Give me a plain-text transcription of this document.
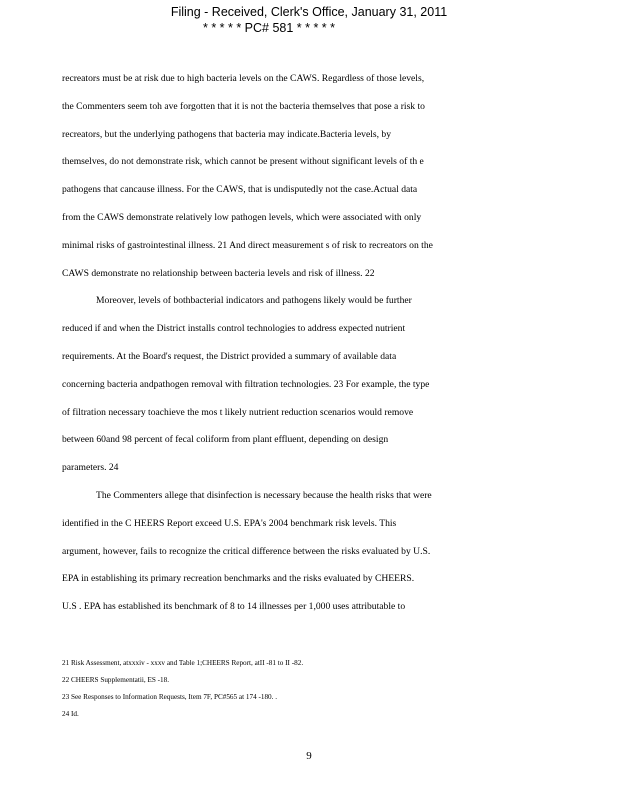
Filing - Received, Clerk's Office, January 31, 2011
* * * * * PC# 581 * * * * *
recreators must be at risk due to high bacteria levels on the CAWS. Regardless of those levels,
the Commenters seem toh ave forgotten that it is not the bacteria themselves that pose a risk to
recreators, but the underlying pathogens that bacteria may indicate.Bacteria levels, by
themselves, do not demonstrate risk, which cannot be present without significant levels of th e
pathogens that cancause illness. For the CAWS, that is undisputedly not the case.Actual data
from the CAWS demonstrate relatively low pathogen levels, which were associated with only
minimal risks of gastrointestinal illness. 21 And direct measurement s of risk to recreators on the
CAWS demonstrate no relationship between bacteria levels and risk of illness. 22
Moreover, levels of bothbacterial indicators and pathogens likely would be further
reduced if and when the District installs control technologies to address expected nutrient
requirements. At the Board's request, the District provided a summary of available data
concerning bacteria andpathogen removal with filtration technologies. 23 For example, the type
of filtration necessary toachieve the mos t likely nutrient reduction scenarios would remove
between 60and 98 percent of fecal coliform from plant effluent, depending on design
parameters. 24
The Commenters allege that disinfection is necessary because the health risks that were
identified in the C HEERS Report exceed U.S. EPA's 2004 benchmark risk levels. This
argument, however, fails to recognize the critical difference between the risks evaluated by U.S.
EPA in establishing its primary recreation benchmarks and the risks evaluated by CHEERS.
U.S . EPA has established its benchmark of 8 to 14 illnesses per 1,000 uses attributable to
21 Risk Assessment, atxxxiv - xxxv and Table 1;CHEERS Report, atII -81 to II -82.
22 CHEERS Supplementatii, ES -18.
23 See Responses to Information Requests, Item 7F, PC#565 at 174 -180. .
24 Id.
9
